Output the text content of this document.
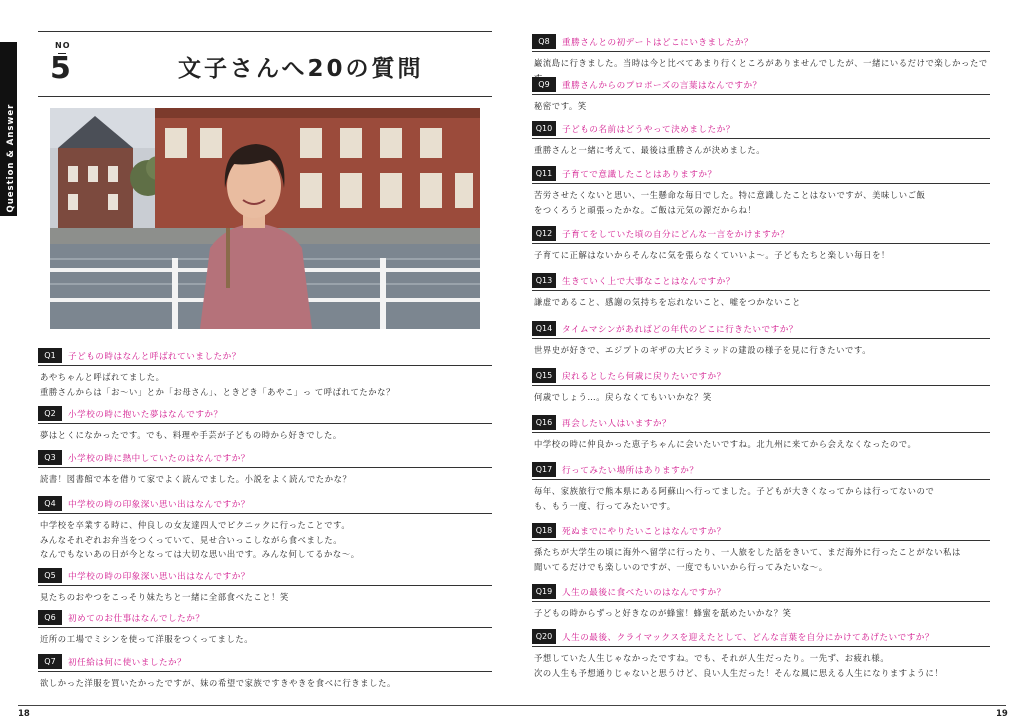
05 Question & Answer
NO
5	文子さんへ20の質問
Q1	子どもの時はなんと呼ばれていましたか？
あやちゃんと呼ばれてました。
重勝さんからは「お〜い」とか「お母さん」、ときどき「あやこ」っ て呼ばれてたかな？
Q2	小学校の時に抱いた夢はなんですか？
夢はとくになかったです。でも、料理や手芸が子どもの時から好きでした。
Q3	小学校の時に熱中していたのはなんですか？
読書！図書館で本を借りて家でよく読んでました。小説をよく読んでたかな？
Q4	中学校の時の印象深い思い出はなんですか？
中学校を卒業する時に、仲良しの女友達四人でピクニックに行ったことです。
みんなそれぞれお弁当をつくっていて、見せ合いっこしながら食べました。
なんでもないあの日が今となっては大切な思い出です。みんな何してるかな〜。
Q5	中学校の時の印象深い思い出はなんですか？
見たちのおやつをこっそり妹たちと一緒に全部食べたこと！笑
Q6	初めてのお仕事はなんでしたか？
近所の工場でミシンを使って洋服をつくってました。
Q7	初任給は何に使いましたか？
欲しかった洋服を買いたかったですが、妹の希望で家族ですきやきを食べに行きました。
18
Q8	重勝さんとの初デートはどこにいきましたか？
巌流島に行きました。当時は今と比べてあまり行くところがありませんでしたが、一緒にいるだけで楽しかったで
Q9	重勝さんからのプロポーズの言葉はなんですか？
秘密です。笑
Q10	子どもの名前はどうやって決めましたか？
重勝さんと一緒に考えて、最後は重勝さんが決めました。
Q11	子育てで意識したことはありますか？
苦労させたくないと思い、一生懸命な毎日でした。特に意識したことはないですが、美味しいご飯
をつくろうと頑張ったかな。ご飯は元気の源だからね！
Q12	子育てをしていた頃の自分にどんな一言をかけますか？
子育てに正解はないからそんなに気を張らなくていいよ〜。子どもたちと楽しい毎日を！
Q13	生きていく上で大事なことはなんですか？
謙虚であること、感謝の気持ちを忘れないこと、嘘をつかないこと
Q14	タイムマシンがあればどの年代のどこに行きたいですか？
世界史が好きで、エジプトのギザの大ピラミッドの建設の様子を見に行きたいです。
Q15	戻れるとしたら何歳に戻りたいですか？
何歳でしょう…。戻らなくてもいいかな？笑
Q16	再会したい人はいますか？
中学校の時に仲良かった恵子ちゃんに会いたいですね。北九州に来てから会えなくなったので。
Q17	行ってみたい場所はありますか？
毎年、家族旅行で熊本県にある阿蘇山へ行ってました。子どもが大きくなってからは行ってないので
も、もう一度、行ってみたいです。
Q18	死ぬまでにやりたいことはなんですか？
孫たちが大学生の頃に海外へ留学に行ったり、一人旅をした話をきいて、まだ海外に行ったことがない私は
聞いてるだけでも楽しいのですが、一度でもいいから行ってみたいな〜。
Q19	人生の最後に食べたいのはなんですか？
子どもの時からずっと好きなのが蜂蜜！蜂蜜を舐めたいかな？笑
Q20	人生の最後、クライマックスを迎えたとして、どんな言葉を自分にかけてあげたいですか？
予想していた人生じゃなかったですね。でも、それが人生だったり。一先ず、お疲れ様。
次の人生も予想通りじゃないと思うけど、良い人生だった！そんな風に思える人生になりますように！
19
